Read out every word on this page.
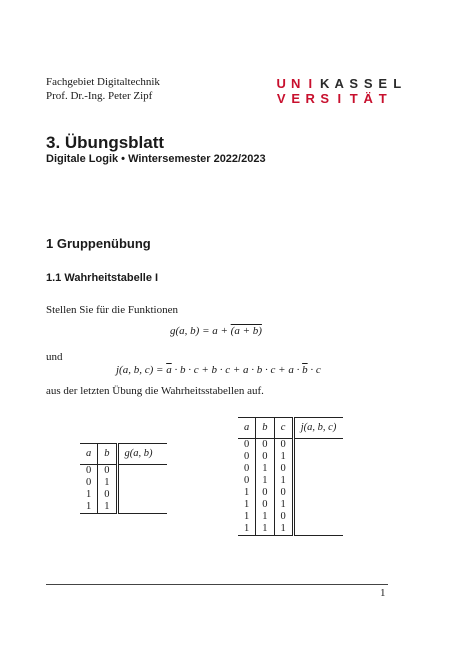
Fachgebiet Digitaltechnik
Prof. Dr.-Ing. Peter Zipf
U N I K A S S E L
V E R S I T Ä T
3. Übungsblatt
Digitale Logik • Wintersemester 2022/2023
1 Gruppenübung
1.1 Wahrheitstabelle I
Stellen Sie für die Funktionen
g(a, b) = a + (a + b)
und
j(a, b, $c) = \overline{a} \cdot b \cdot c + b \cdot c + a \cdot b \cdot c + a \cdot \overline{b} \cdot c$
aus der letzten Übung die Wahrheitsstabellen auf.
a	b	g(a, b)
0	0	
0	1	
1	0	
1	1	
a	b	c	j(a, b, c)
0	0	0	
0	0	1	
0	1	0	
0	1	1	
1	0	0	
1	0	1	
1	1	0	
1	1	1	
1
